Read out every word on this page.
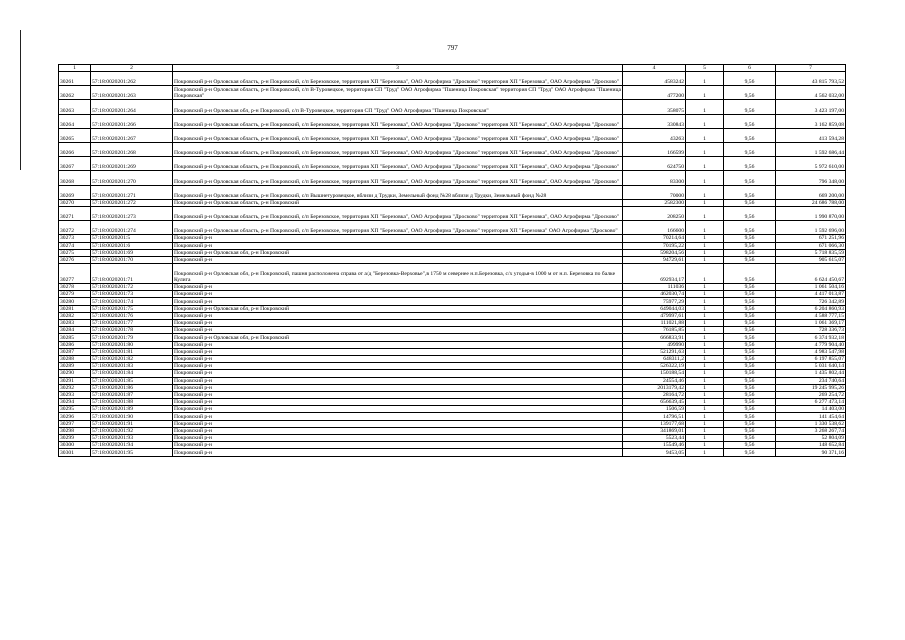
797
1	2	3	4	5	6	7
30261	57:18:0020201:262	Покровский р-н Орловская область, р-н Покровский, с/п Березовское, территория ХП "Березовка", ОАО Агрофирма "Дросково" территория ХП "Березовка", ОАО Агрофирма "Дросково"	4583242	1	9,56	43 815 793,52
30262	57:18:0020201:263	Покровский р-н Орловская область, р-н Покровский, с/п В-Туровецкое, территория СП "Труд" ОАО Агрофирма "Пшеница Покровская" территория СП "Труд" ОАО Агрофирма "Пшеница Покровская"	477200	1	9,56	4 562 032,00
30263	57:18:0020201:264	Покровский р-н Орловская обл, р-н Покровский, с/п В-Туровецкое, территория СП "Труд" ОАО Агрофирма "Пшеница Покровская"	358075	1	9,56	3 423 197,00
30264	57:18:0020201:266	Покровский р-н Орловская область, р-н Покровский, с/п Березовское, территория ХП "Березовка", ОАО Агрофирма "Дросково" территория ХП "Березовка", ОАО Агрофирма "Дросково"	330843	1	9,56	3 162 859,08
30265	57:18:0020201:267	Покровский р-н Орловская область, р-н Покровский, с/п Березовское, территория ХП "Березовка", ОАО Агрофирма "Дросково" территория ХП "Березовка", ОАО Агрофирма "Дросково"	43263	1	9,56	413 594,28
30266	57:18:0020201:268	Покровский р-н Орловская область, р-н Покровский, с/п Березовское, территория ХП "Березовка", ОАО Агрофирма "Дросково" территория ХП "Березовка", ОАО Агрофирма "Дросково"	166599	1	9,56	1 592 686,44
30267	57:18:0020201:269	Покровский р-н Орловская область, р-н Покровский, с/п Березовское, территория ХП "Березовка", ОАО Агрофирма "Дросково" территория ХП "Березовка", ОАО Агрофирма "Дросково"	624750	1	9,56	5 972 610,00
30268	57:18:0020201:270	Покровский р-н Орловская область, р-н Покровский, с/п Березовское, территория ХП "Березовка", ОАО Агрофирма "Дросково" территория ХП "Березовка", ОАО Агрофирма "Дросково"	83300	1	9,56	796 348,00
30269	57:18:0020201:271	Покровский р-н Орловская область, р-н Покровский, с/п Вышнетуровецкое, вблизи д Трудки, Земельный фонд №28 вблизи д Трудки, Земельный фонд №28	70000	1	9,56	669 200,00
30270	57:18:0020201:272	Покровский р-н Орловская область, р-н Покровский	2582300	1	9,56	24 686 788,00
30271	57:18:0020201:273	Покровский р-н Орловская область, р-н Покровский, с/п Березовское, территория ХП "Березовка", ОАО Агрофирма "Дросково" территория ХП "Березовка", ОАО Агрофирма "Дросково"	208250	1	9,56	1 990 870,00
30272	57:18:0020201:274	Покровский р-н Орловская область, р-н Покровский, с/п Березовское, территория ХП "Березовка", ОАО Агрофирма "Дросково" территория ХП "Березовка" ОАО Агрофирма "Дросково"	166600	1	9,56	1 592 696,00
30273	57:18:0020201:5	Покровский р-н	70214,64	1	9,56	671 251,96
30274	57:18:0020201:6	Покровский р-н	70195,22	1	9,56	671 066,30
30275	57:18:0020201:69	Покровский р-н Орловская обл, р-н Покровский	598204,56	1	9,56	5 718 835,59
30276	57:18:0020201:70	Покровский р-н	94729,61	1	9,56	905 615,07
30277	57:18:0020201:71	Покровский р-н Орловская обл, р-н Покровский, пашня расположена справа от а/д "Березовка-Верховье",в 1750 м севернее н.п.Березовка, с/х угодья-в 1000 м от н.п. Березовка по балке Кулига	692934,17	1	9,56	6 624 450,67
30278	57:18:0020201:72	Покровский р-н	111036	1	9,56	1 061 504,16
30279	57:18:0020201:73	Покровский р-н	462030,74	1	9,56	4 417 013,87
30280	57:18:0020201:74	Покровский р-н	75977,29	1	9,56	726 342,89
30281	57:18:0020201:75	Покровский р-н Орловская обл, р-н Покровский	649044,03	1	9,56	6 204 860,93
30282	57:18:0020201:76	Покровский р-н	479997,61	1	9,56	4 588 777,15
30283	57:18:0020201:77	Покровский р-н	111021,88	1	9,56	1 061 369,17
30284	57:18:0020201:78	Покровский р-н	76185,85	1	9,56	728 336,73
30285	57:18:0020201:79	Покровский р-н Орловская обл, р-н Покровский	666833,91	1	9,56	6 374 932,18
30286	57:18:0020201:80	Покровский р-н	499990	1	9,56	4 779 904,40
30287	57:18:0020201:81	Покровский р-н	521291,63	1	9,56	4 983 547,98
30288	57:18:0020201:82	Покровский р-н	648311,2	1	9,56	6 197 855,07
30289	57:18:0020201:83	Покровский р-н	526322,19	1	9,56	5 031 640,14
30290	57:18:0020201:84	Покровский р-н	150188,54	1	9,56	1 435 802,44
30291	57:18:0020201:85	Покровский р-н	24554,46	1	9,56	234 740,64
30292	57:18:0020201:86	Покровский р-н	2013179,42	1	9,56	19 245 995,26
30293	57:18:0020201:87	Покровский р-н	28164,72	1	9,56	269 254,72
30294	57:18:0020201:88	Покровский р-н	656639,45	1	9,56	6 277 473,14
30295	57:18:0020201:89	Покровский р-н	1506,59	1	9,56	14 403,00
30296	57:18:0020201:90	Покровский р-н	14796,51	1	9,56	141 454,64
30297	57:18:0020201:91	Покровский р-н	139177,68	1	9,56	1 330 538,62
30298	57:18:0020201:92	Покровский р-н	341869,01	1	9,56	3 268 267,74
30299	57:18:0020201:93	Покровский р-н	5523,44	1	9,56	52 804,09
30300	57:18:0020201:94	Покровский р-н	15549,46	1	9,56	148 652,84
30301	57:18:0020201:95	Покровский р-н	9453,05	1	9,56	90 371,16
